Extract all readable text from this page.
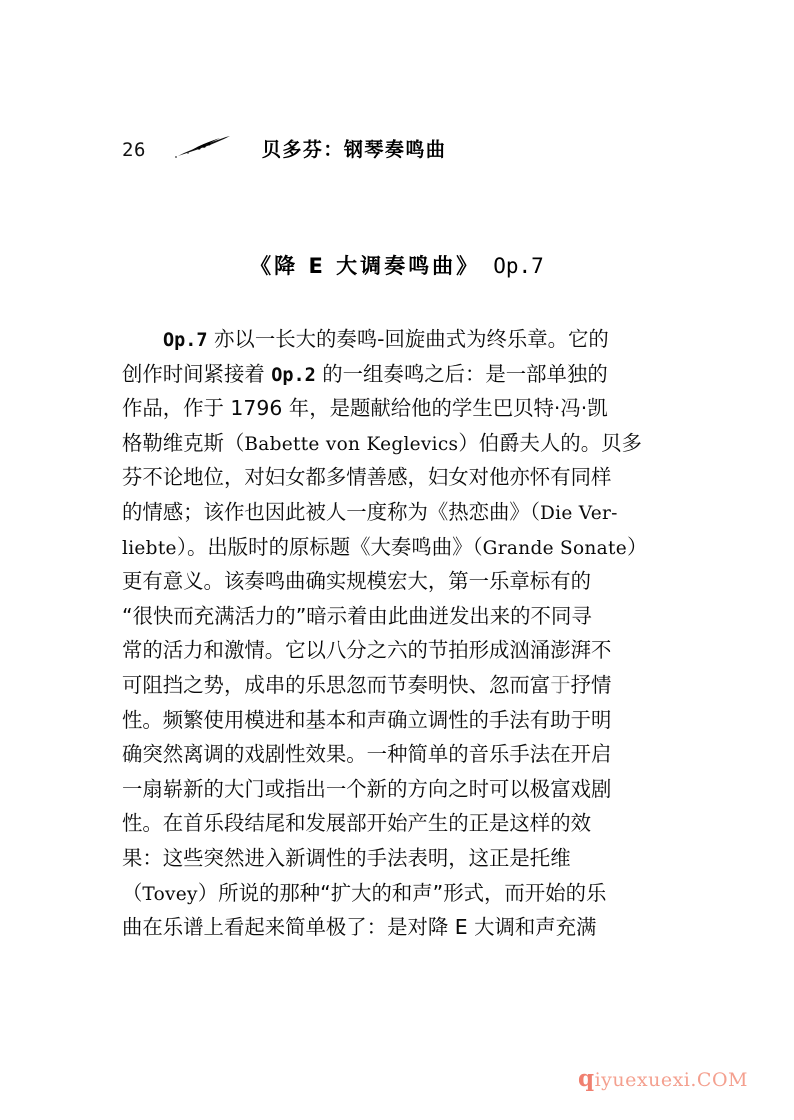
26	贝多芬：钢琴奏鸣曲
《降 E 大调奏鸣曲》 Op.7
Op.7 亦以一长大的奏鸣-回旋曲式为终乐章。它的
创作时间紧接着 Op.2 的一组奏鸣之后：是一部单独的
作品，作于 1796 年，是题献给他的学生巴贝特·冯·凯
格勒维克斯（Babette von Keglevics）伯爵夫人的。贝多
芬不论地位，对妇女都多情善感，妇女对他亦怀有同样
的情感；该作也因此被人一度称为《热恋曲》（Die Ver-
liebte）。出版时的原标题《大奏鸣曲》（Grande Sonate）
更有意义。该奏鸣曲确实规模宏大，第一乐章标有的
“很快而充满活力的”暗示着由此曲迸发出来的不同寻
常的活力和激情。它以八分之六的节拍形成汹涌澎湃不
可阻挡之势，成串的乐思忽而节奏明快、忽而富于抒情
性。频繁使用模进和基本和声确立调性的手法有助于明
确突然离调的戏剧性效果。一种简单的音乐手法在开启
一扇崭新的大门或指出一个新的方向之时可以极富戏剧
性。在首乐段结尾和发展部开始产生的正是这样的效
果：这些突然进入新调性的手法表明，这正是托维
（Tovey）所说的那种“扩大的和声”形式，而开始的乐
曲在乐谱上看起来简单极了：是对降 E 大调和声充满
qiyuexuexi.COM
